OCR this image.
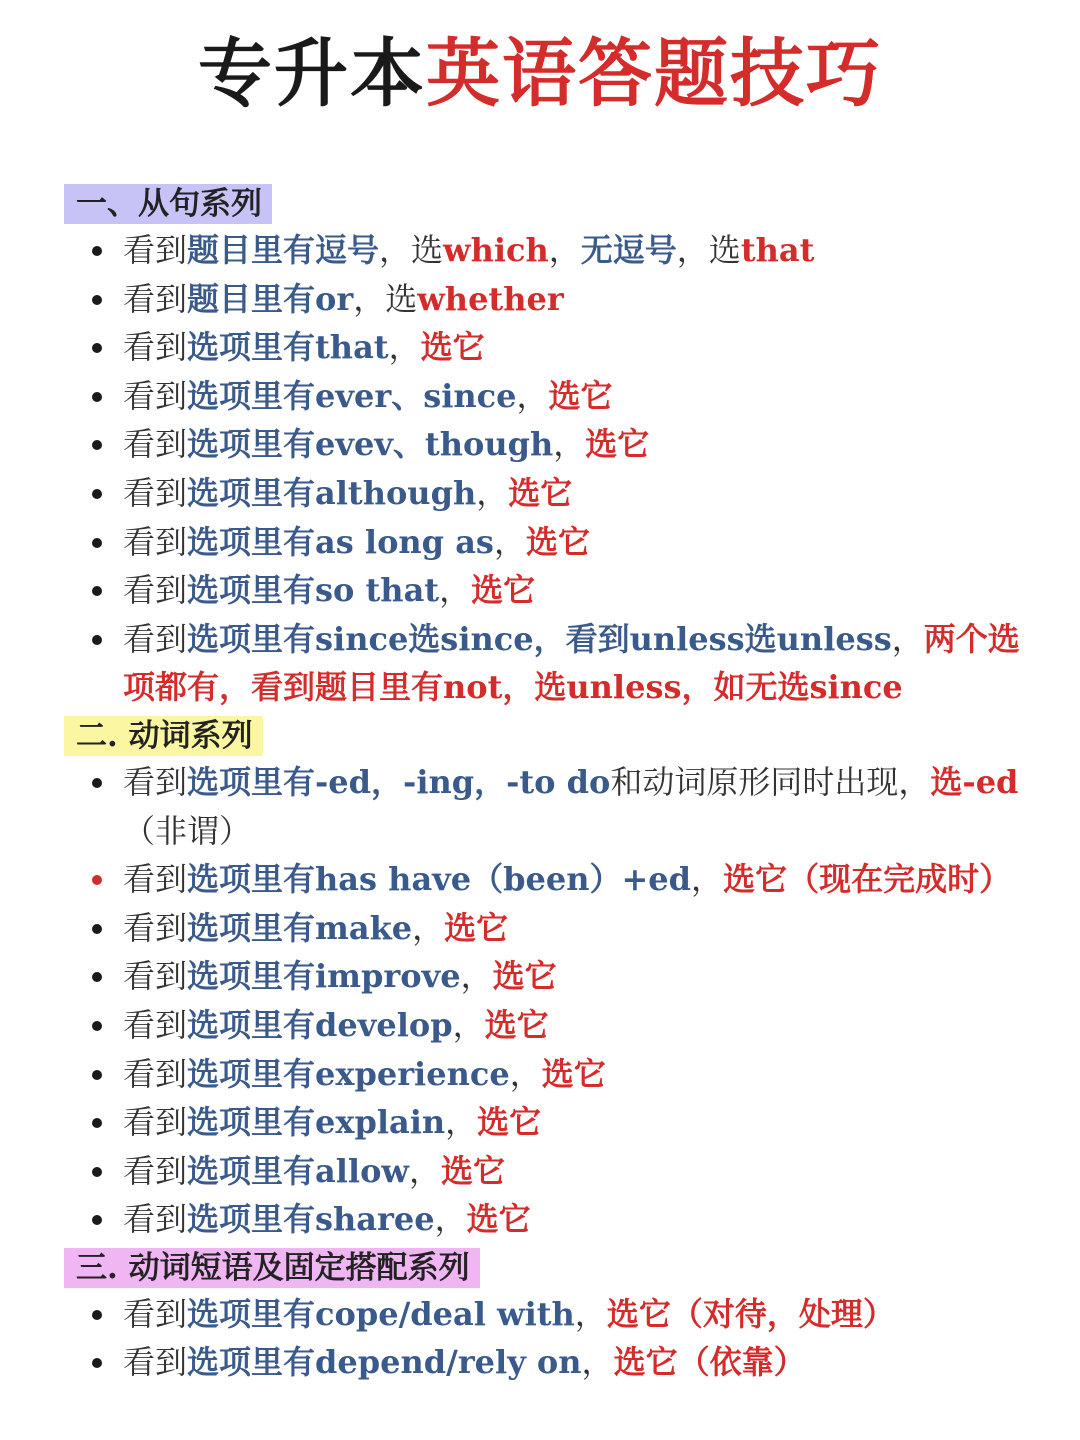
专升本英语答题技巧
一、从句系列
看到题目里有逗号，选which，无逗号，选that
看到题目里有or，选whether
看到选项里有that，选它
看到选项里有ever、since，选它
看到选项里有evev、though，选它
看到选项里有although，选它
看到选项里有as long as，选它
看到选项里有so that，选它
看到选项里有since选since，看到unless选unless，两个选项都有，看到题目里有not，选unless，如无选since
二. 动词系列
看到选项里有-ed，-ing，-to do和动词原形同时出现，选-ed（非谓）
看到选项里有has have（been）+ed，选它（现在完成时）
看到选项里有make，选它
看到选项里有improve，选它
看到选项里有develop，选它
看到选项里有experience，选它
看到选项里有explain，选它
看到选项里有allow，选它
看到选项里有sharee，选它
三. 动词短语及固定搭配系列
看到选项里有cope/deal with，选它（对待，处理）
看到选项里有depend/rely on，选它（依靠）
